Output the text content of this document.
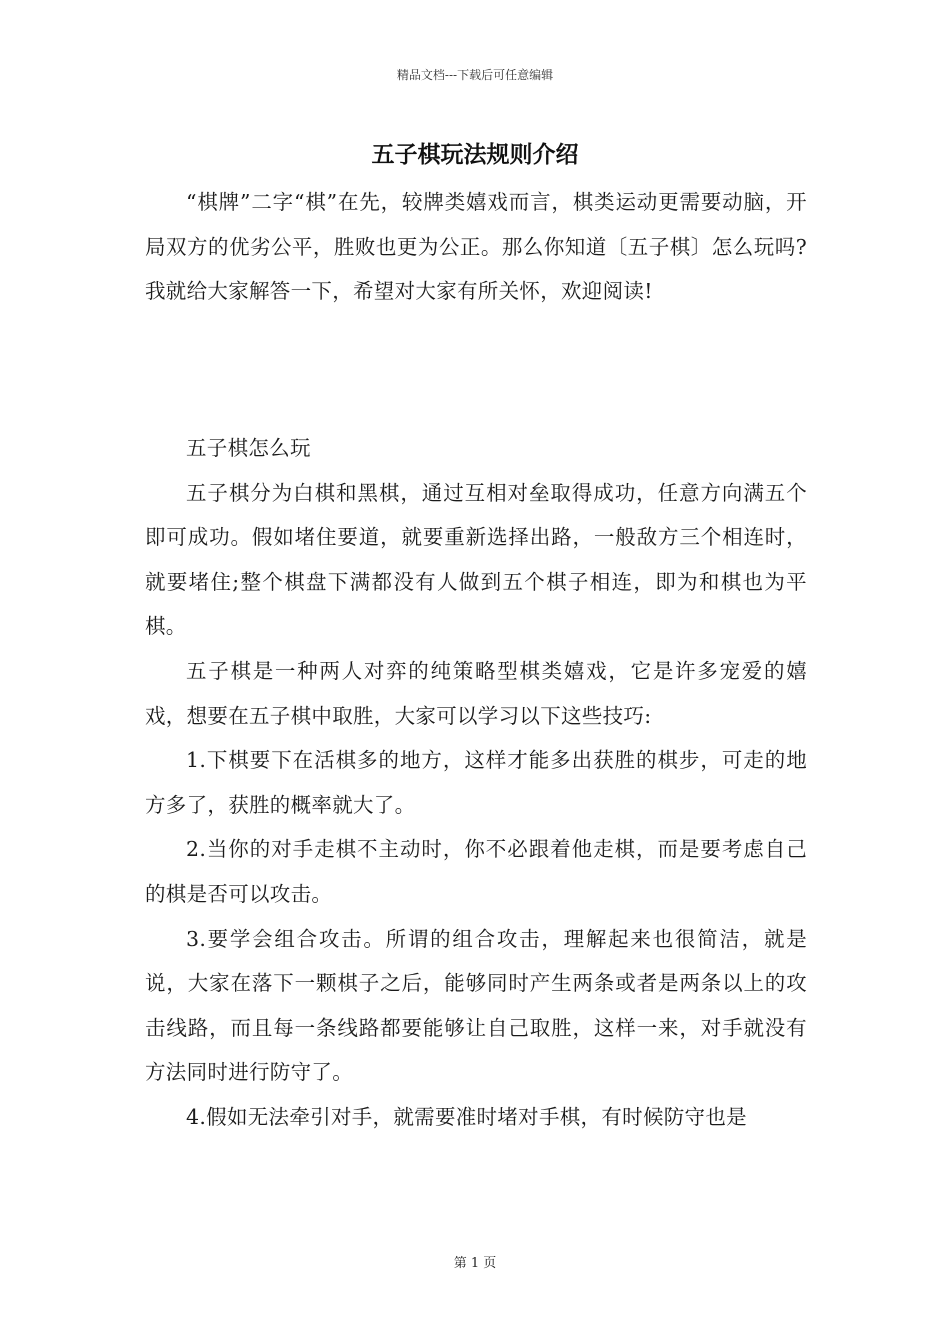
精品文档---下载后可任意编辑
五子棋玩法规则介绍

“棋牌”二字“棋”在先，较牌类嬉戏而言，棋类运动更需要动脑，开局双方的优劣公平，胜败也更为公正。那么你知道〔五子棋〕怎么玩吗?我就给大家解答一下，希望对大家有所关怀，欢迎阅读!

五子棋怎么玩

五子棋分为白棋和黑棋，通过互相对垒取得成功，任意方向满五个即可成功。假如堵住要道，就要重新选择出路，一般敌方三个相连时，就要堵住;整个棋盘下满都没有人做到五个棋子相连，即为和棋也为平棋。

五子棋是一种两人对弈的纯策略型棋类嬉戏，它是许多宠爱的嬉戏，想要在五子棋中取胜，大家可以学习以下这些技巧:

1.下棋要下在活棋多的地方，这样才能多出获胜的棋步，可走的地方多了，获胜的概率就大了。

2.当你的对手走棋不主动时，你不必跟着他走棋，而是要考虑自己的棋是否可以攻击。

3.要学会组合攻击。所谓的组合攻击，理解起来也很简洁，就是说，大家在落下一颗棋子之后，能够同时产生两条或者是两条以上的攻击线路，而且每一条线路都要能够让自己取胜，这样一来，对手就没有方法同时进行防守了。

4.假如无法牵引对手，就需要准时堵对手棋，有时候防守也是

第 1 页
